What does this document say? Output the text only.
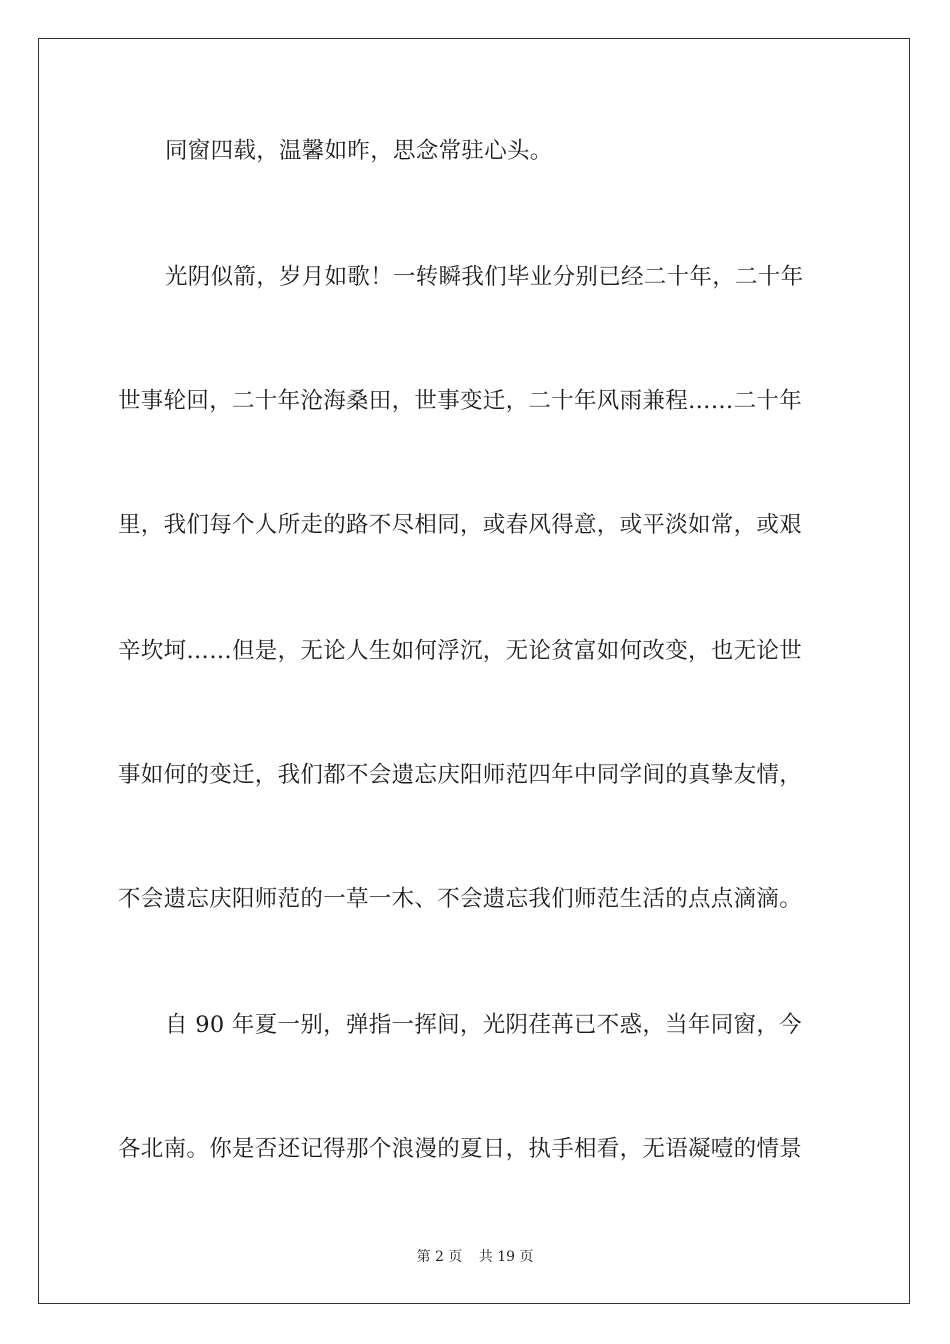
同窗四载，温馨如昨，思念常驻心头。
光阴似箭，岁月如歌！一转瞬我们毕业分别已经二十年，二十年
世事轮回，二十年沧海桑田，世事变迁，二十年风雨兼程……二十年
里，我们每个人所走的路不尽相同，或春风得意，或平淡如常，或艰
辛坎坷……但是，无论人生如何浮沉，无论贫富如何改变，也无论世
事如何的变迁，我们都不会遗忘庆阳师范四年中同学间的真挚友情，
不会遗忘庆阳师范的一草一木、不会遗忘我们师范生活的点点滴滴。
自 90 年夏一别，弹指一挥间，光阴荏苒已不惑，当年同窗，今
各北南。你是否还记得那个浪漫的夏日，执手相看，无语凝噎的情景
第 2 页 共 19 页
